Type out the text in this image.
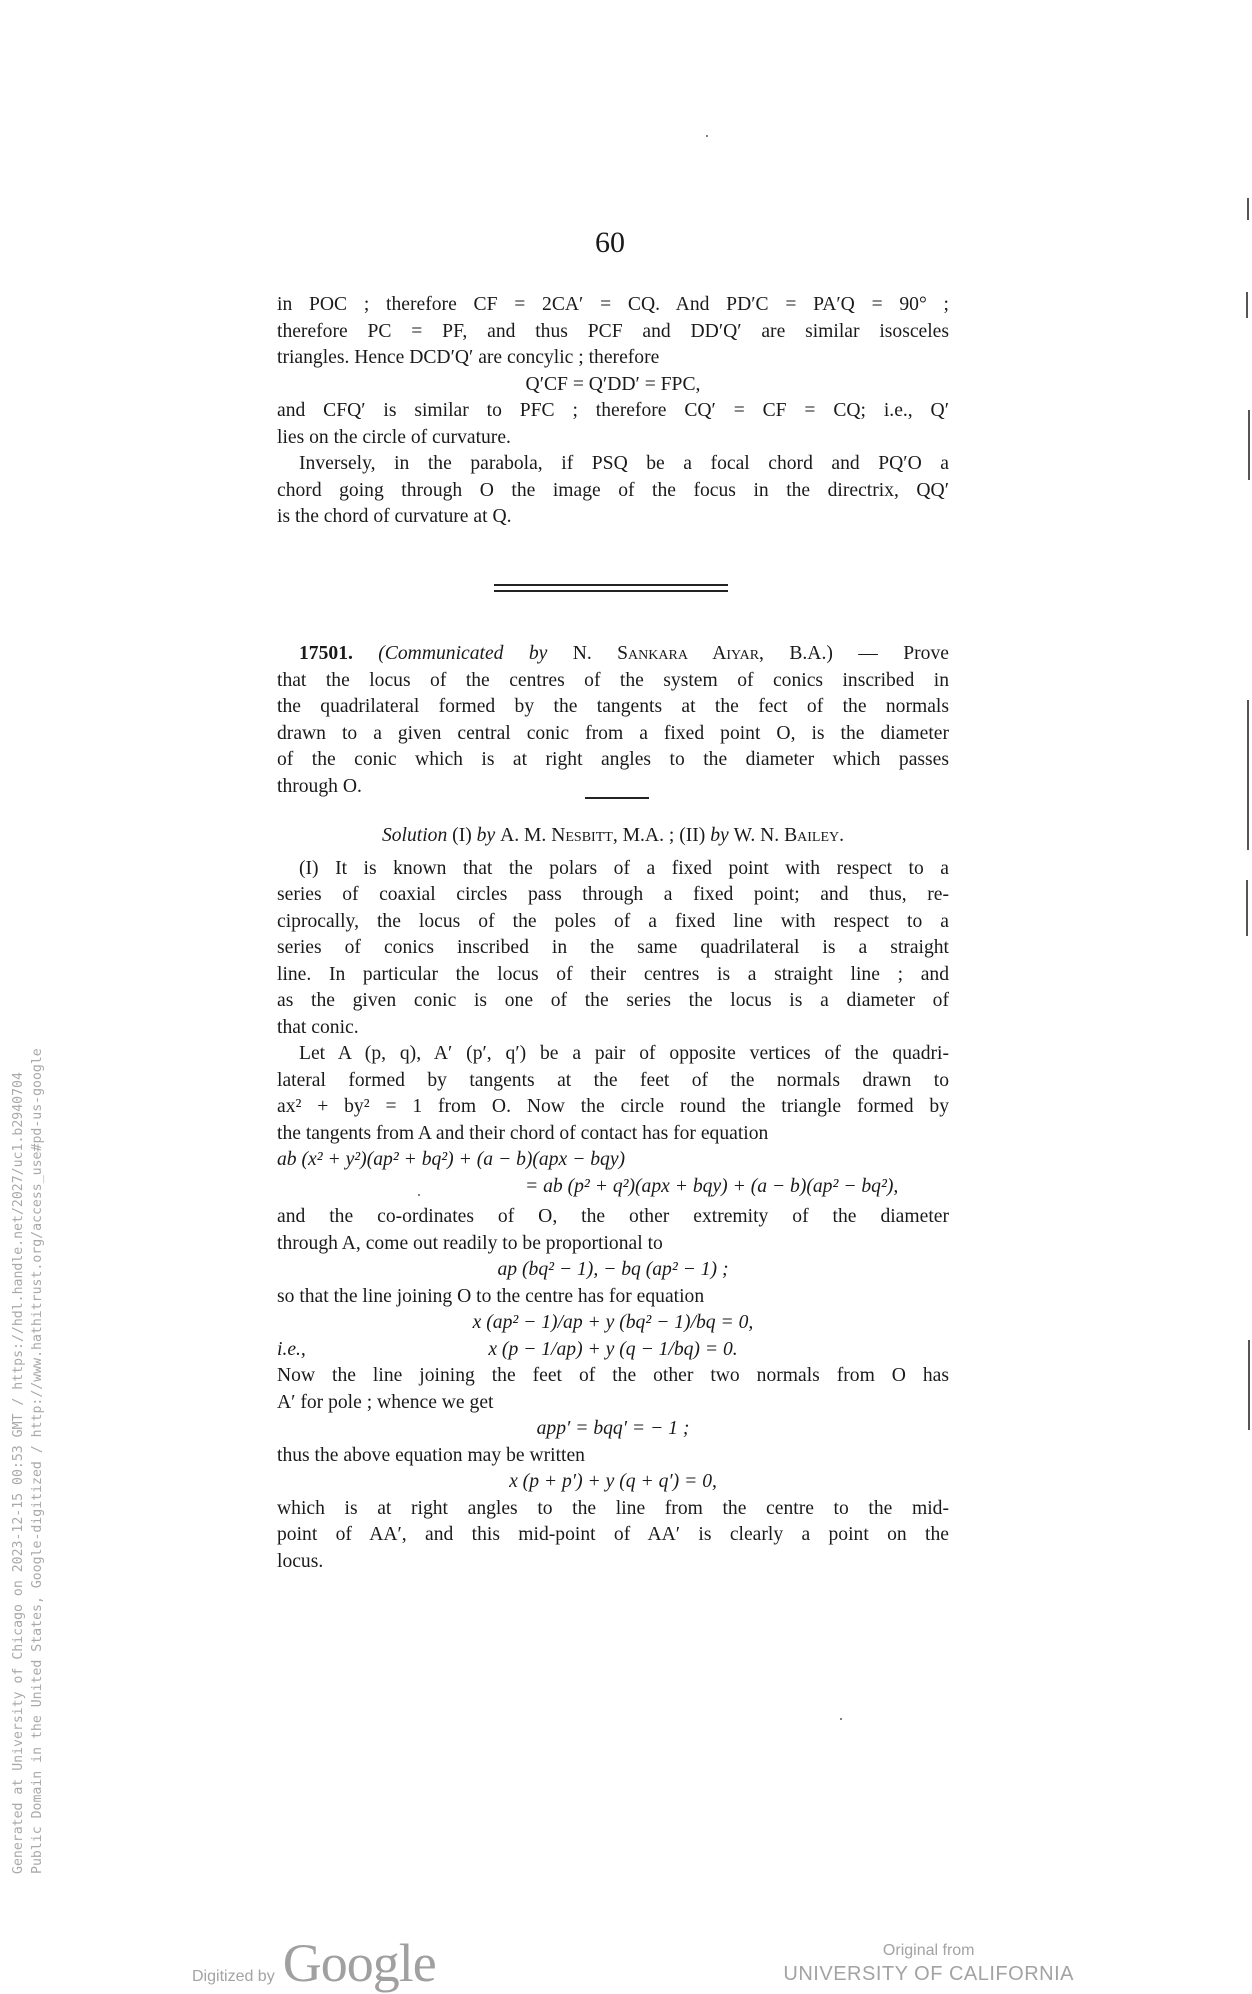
60
in POC ; therefore CF = 2CA′ = CQ. And PD′C = PA′Q = 90° ;
therefore PC = PF, and thus PCF and DD′Q′ are similar isosceles
triangles. Hence DCD′Q′ are concylic ; therefore
Q′CF = Q′DD′ = FPC,
and CFQ′ is similar to PFC ; therefore CQ′ = CF = CQ; i.e., Q′
lies on the circle of curvature.
Inversely, in the parabola, if PSQ be a focal chord and PQ′O a
chord going through O the image of the focus in the directrix, QQ′
is the chord of curvature at Q.
17501. (Communicated by N. Sankara Aiyar, B.A.) — Prove
that the locus of the centres of the system of conics inscribed in
the quadrilateral formed by the tangents at the fect of the normals
drawn to a given central conic from a fixed point O, is the diameter
of the conic which is at right angles to the diameter which passes
through O.
Solution (I) by A. M. Nesbitt, M.A. ; (II) by W. N. Bailey.
(I) It is known that the polars of a fixed point with respect to a
series of coaxial circles pass through a fixed point; and thus, re-
ciprocally, the locus of the poles of a fixed line with respect to a
series of conics inscribed in the same quadrilateral is a straight
line. In particular the locus of their centres is a straight line ; and
as the given conic is one of the series the locus is a diameter of
that conic.
Let A (p, q), A′ (p′, q′) be a pair of opposite vertices of the quadri-
lateral formed by tangents at the feet of the normals drawn to
ax² + by² = 1 from O. Now the circle round the triangle formed by
the tangents from A and their chord of contact has for equation
ab (x² + y²)(ap² + bq²) + (a − b)(apx − bqy)
= ab (p² + q²)(apx + bqy) + (a − b)(ap² − bq²),
and the co-ordinates of O, the other extremity of the diameter
through A, come out readily to be proportional to
ap (bq² − 1), − bq (ap² − 1) ;
so that the line joining O to the centre has for equation
x (ap² − 1)/ap + y (bq² − 1)/bq = 0,
i.e.,	x (p − 1/ap) + y (q − 1/bq) = 0.
Now the line joining the feet of the other two normals from O has
A′ for pole ; whence we get
app′ = bqq′ = − 1 ;
thus the above equation may be written
x (p + p′) + y (q + q′) = 0,
which is at right angles to the line from the centre to the mid-
point of AA′, and this mid-point of AA′ is clearly a point on the
locus.
Generated at University of Chicago on 2023-12-15 00:53 GMT / https://hdl.handle.net/2027/uc1.b2940704 Public Domain in the United States, Google-digitized / http://www.hathitrust.org/access_use#pd-us-google
Digitized by Google	Original from
UNIVERSITY OF CALIFORNIA
